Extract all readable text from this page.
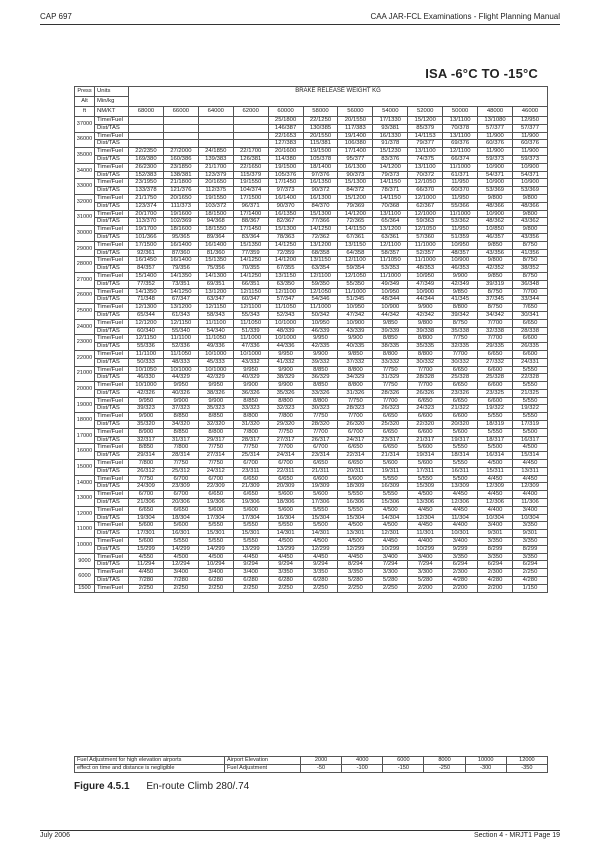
CAP 697	CAA JAR-FCL Examinations - Flight Planning Manual
ISA -6°C TO -15°C
Press	Units	BRAKE RELEASE WEIGHT KG											
Alt	Min/kg												
ft	NM/KT	68000	66000	64000	62000	60000	58000	56000	54000	52000	50000	48000	46000
37000	Time/Fuel					25/1800	22/1250	20/1550	17/1330	15/1200	13/1100	13/1080	12/950
	Dist/TAS					146/387	130/385	117/383	93/381	85/379	70/378	57/377	57/377
36000	Time/Fuel					22/1653	20/1550	19/1400	16/1330	14/1153	13/1100	11/900	11/900
	Dist/TAS					127/383	115/381	106/380	91/378	79/377	69/376	60/376	60/376
35000	Time/Fuel	22/2350	27/2000	24/1850	22/1700	20/1600	19/1500	17/1400	15/1230	13/1100	12/1100	11/900	11/900
	Dist/TAS	169/380	160/386	139/383	126/381	114/380	105/378	95/377	83/376	74/375	66/374	59/373	59/373
34000	Time/Fuel	26/2300	23/1850	21/1700	22/1650	19/1500	18/1400	16/1300	14/1200	13/1100	11/1000	10/900	10/900
	Dist/TAS	152/383	138/381	123/379	115/379	105/376	97/376	90/373	79/373	70/372	61/371	54/371	54/371
33000	Time/Fuel	23/1950	21/1800	20/1650	19/1550	17/1450	16/1350	15/1300	14/1150	12/1050	11/950	10/900	10/900
	Dist/TAS	133/378	121/376	112/375	104/374	97/373	90/372	84/372	78/371	66/370	60/370	53/369	53/369
32000	Time/Fuel	21/1750	20/1650	19/1550	17/1500	16/1400	16/1300	15/1200	14/1150	12/1000	11/950	9/800	9/800
	Dist/TAS	123/374	111/373	103/372	96/371	90/370	84/370	79/369	70/368	62/367	55/366	48/366	48/366
31000	Time/Fuel	20/1700	19/1600	18/1500	17/1400	16/1350	15/1300	14/1200	13/1100	12/1000	11/1000	10/900	9/800
	Dist/TAS	113/370	102/369	94/368	88/367	82/367	77/366	72/365	65/364	59/363	53/362	48/362	43/362
30000	Time/Fuel	19/1700	18/1600	18/1550	17/1450	15/1300	14/1250	14/1150	13/1200	12/1050	11/950	10/850	9/800
	Dist/TAS	101/366	95/365	89/364	83/364	78/363	72/362	67/361	63/361	57/360	51/359	46/357	43/356
29000	Time/Fuel	17/1500	16/1400	16/1400	15/1350	14/1250	13/1200	13/1150	12/1100	11/1000	10/950	9/850	8/750
	Dist/TAS	92/361	87/360	81/360	77/359	72/359	68/358	64/358	58/357	52/357	48/357	43/356	41/356
28000	Time/Fuel	16/1450	16/1400	15/1350	14/1250	14/1200	13/1150	12/1100	11/1050	11/1000	10/900	9/800	8/750
	Dist/TAS	84/357	79/356	75/356	70/355	67/355	63/354	59/354	53/353	48/353	46/353	42/352	38/352
27000	Time/Fuel	15/1400	14/1350	14/1300	14/1250	13/1150	12/1100	12/1050	11/1000	10/950	9/900	9/850	8/750
	Dist/TAS	77/352	73/351	69/351	66/351	63/350	59/350	55/350	49/349	47/349	42/349	39/319	36/348
26000	Time/Fuel	14/1350	14/1250	13/1200	12/1150	12/1100	12/1050	11/1000	10/950	10/900	9/850	8/750	7/700
	Dist/TAS	71/348	67/347	63/347	60/347	57/347	54/346	51/345	48/344	44/344	41/345	37/345	33/344
25000	Time/Fuel	12/1300	13/1200	12/1150	12/1100	11/1050	11/1000	10/950	10/900	9/900	8/800	8/750	7/650
	Dist/TAS	65/344	61/343	58/343	55/343	52/343	50/342	47/342	44/342	42/342	39/342	34/342	30/341
24000	Time/Fuel	12/1200	12/1150	11/1100	11/1050	10/1000	10/950	10/900	9/850	9/800	8/750	7/700	6/650
	Dist/TAS	60/340	55/340	54/340	51/339	48/339	46/339	43/339	39/339	39/338	35/338	32/338	28/338
23000	Time/Fuel	12/1150	11/1100	11/1050	11/1000	10/1000	9/950	9/900	8/850	8/800	7/750	7/700	6/600
	Dist/TAS	55/336	52/336	49/336	47/336	44/336	42/335	40/335	38/335	35/335	32/335	29/335	26/335
22000	Time/Fuel	11/1100	11/1050	10/1000	10/1000	9/950	9/900	9/850	8/800	8/800	7/700	6/650	6/600
	Dist/TAS	50/333	48/333	45/333	43/332	41/332	39/332	37/332	33/332	30/332	30/332	27/332	24/331
21000	Time/Fuel	10/1050	10/1000	10/1000	9/950	9/900	8/850	8/800	7/750	7/700	6/650	6/600	5/550
	Dist/TAS	46/330	44/329	42/329	40/329	38/329	36/329	34/329	31/329	28/328	25/328	25/328	22/328
20000	Time/Fuel	10/1000	9/950	9/950	9/900	9/900	8/850	8/800	7/750	7/700	6/650	6/600	5/550
	Dist/TAS	42/326	40/326	38/326	36/326	35/326	33/326	31/326	28/326	26/326	23/326	23/325	21/325
19000	Time/Fuel	9/950	9/900	9/900	8/850	8/800	8/800	7/750	7/700	6/650	6/650	6/600	5/550
	Dist/TAS	39/323	37/323	35/323	33/323	32/323	30/323	28/323	26/323	24/323	21/322	19/322	19/322
18000	Time/Fuel	9/900	8/850	8/850	8/800	7/800	7/750	7/700	6/650	6/600	6/600	5/550	5/550
	Dist/TAS	35/320	34/320	32/320	31/320	29/320	28/320	26/320	25/320	22/320	20/320	18/319	17/319
17000	Time/Fuel	8/900	8/850	8/800	7/800	7/750	7/700	6/700	6/650	6/600	5/600	5/550	5/500
	Dist/TAS	32/317	31/317	29/317	28/317	27/317	26/317	24/317	23/317	21/317	19/317	18/317	16/317
16000	Time/Fuel	8/850	7/800	7/750	7/750	7/700	6/700	6/650	6/650	5/600	5/550	5/500	4/500
	Dist/TAS	29/314	28/314	27/314	25/314	24/314	23/314	22/314	21/314	19/314	18/314	16/314	15/314
15000	Time/Fuel	7/800	7/750	7/750	6/700	6/700	6/650	6/650	5/600	5/600	5/550	4/500	4/450
	Dist/TAS	26/312	25/312	24/312	23/311	22/311	21/311	20/311	19/311	17/311	16/311	15/311	13/311
14000	Time/Fuel	7/750	6/700	6/700	6/650	6/650	6/600	5/600	5/550	5/550	5/500	4/450	4/450
	Dist/TAS	24/309	23/309	22/309	21/309	20/309	19/309	18/309	16/309	15/309	13/309	12/309	12/309
13000	Time/Fuel	6/700	6/700	6/650	6/650	5/600	5/600	5/550	5/550	4/500	4/450	4/450	4/400
	Dist/TAS	21/306	20/306	19/306	19/306	18/306	17/306	16/306	15/306	13/306	12/306	12/306	11/306
12000	Time/Fuel	6/650	6/650	5/600	5/600	5/600	5/550	5/550	4/500	4/450	4/450	4/400	3/400
	Dist/TAS	19/304	18/304	17/304	17/304	16/304	15/304	15/304	14/304	12/304	11/304	10/304	10/304
11000	Time/Fuel	5/600	5/600	5/550	5/550	5/550	5/500	4/500	4/500	4/450	4/400	3/400	3/350
	Dist/TAS	17/301	16/301	15/301	15/301	14/301	14/301	13/301	12/301	11/301	10/301	9/301	9/301
10000	Time/Fuel	5/600	5/550	5/550	5/550	4/500	4/500	4/500	4/450	4/400	3/400	3/350	3/350
	Dist/TAS	15/299	14/299	14/299	13/299	13/299	12/299	12/299	10/299	10/299	9/299	8/299	8/299
9000	Time/Fuel	4/550	4/500	4/500	4/450	4/450	4/450	4/450	3/400	3/400	3/350	3/350	3/350
	Dist/TAS	11/294	12/294	10/294	9/294	9/294	9/294	8/294	7/294	7/294	6/294	6/294	6/294
6000	Time/Fuel	4/450	3/400	3/400	3/400	3/350	3/350	3/350	3/300	3/300	2/300	2/300	2/250
	Dist/TAS	7/280	7/280	6/280	6/280	6/280	6/280	5/280	5/280	5/280	4/280	4/280	4/280
1500	Time/Fuel	2/250	2/250	2/250	2/250	2/250	2/250	2/250	2/250	2/200	2/200	2/200	1/150
Fuel Adjustment for high elevation airports	Airport Elevation	2000	4000	6000	8000	10000	12000
effect on time and distance is negligible	Fuel Adjustment	-50	-100	-150	-250	-300	-350
Figure 4.5.1 En-route Climb 280/.74
July 2006	Section 4 - MRJT1 Page 19
